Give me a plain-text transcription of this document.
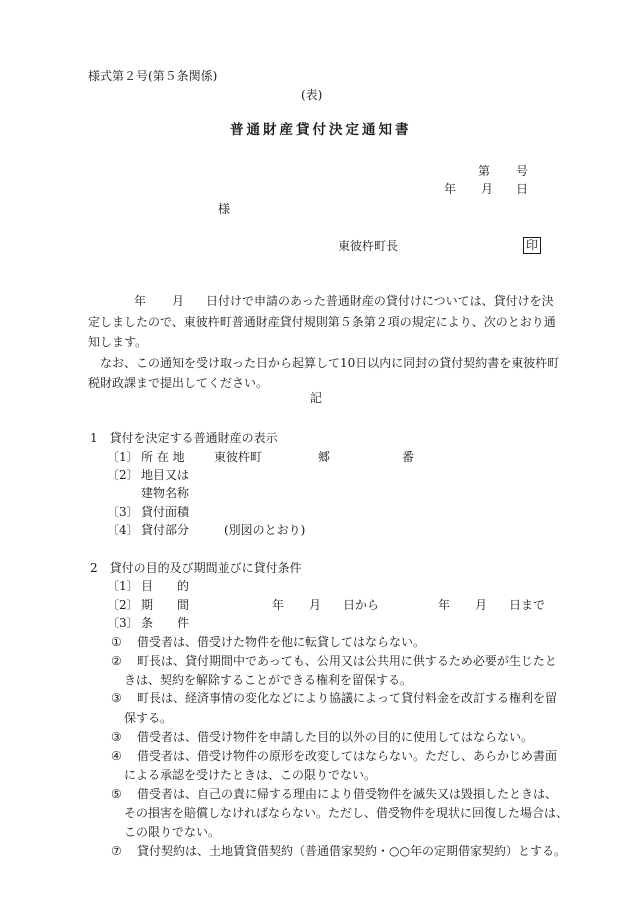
様式第２号(第５条関係)
(表)
普通財産貸付決定通知書
第 号
年 月 日
様
東彼杵町長	印
年 月 日付けで申請のあった普通財産の貸付けについては、貸付けを決
定しましたので、東彼杵町普通財産貸付規則第５条第２項の規定により、次のとおり通
知します。
なお、この通知を受け取った日から起算して10日以内に同封の貸付契約書を東彼杵町
税財政課まで提出してください。
記
1　貸付を決定する普通財産の表示
〔1〕 所 在 地 東彼杵町	郷	番
〔2〕 地目又は
建物名称
〔3〕 貸付面積
〔4〕 貸付部分	(別図のとおり)
2　貸付の目的及び期間並びに貸付条件
〔1〕 目　　的
〔2〕 期　　間	年 月 日から	年 月 日まで
〔3〕 条　　件
① 借受者は、借受けた物件を他に転貸してはならない。
② 町長は、貸付期間中であっても、公用又は公共用に供するため必要が生じたと
きは、契約を解除することができる権利を留保する。
③ 町長は、経済事情の変化などにより協議によって貸付料金を改訂する権利を留
保する。
③ 借受者は、借受け物件を申請した目的以外の目的に使用してはならない。
④ 借受者は、借受け物件の原形を改変してはならない。ただし、あらかじめ書面
による承認を受けたときは、この限りでない。
⑤ 借受者は、自己の責に帰する理由により借受物件を滅失又は毀損したときは、
その損害を賠償しなければならない。ただし、借受物件を現状に回復した場合は、
この限りでない。
⑦ 貸付契約は、土地賃貸借契約（普通借家契約・○○年の定期借家契約）とする。
